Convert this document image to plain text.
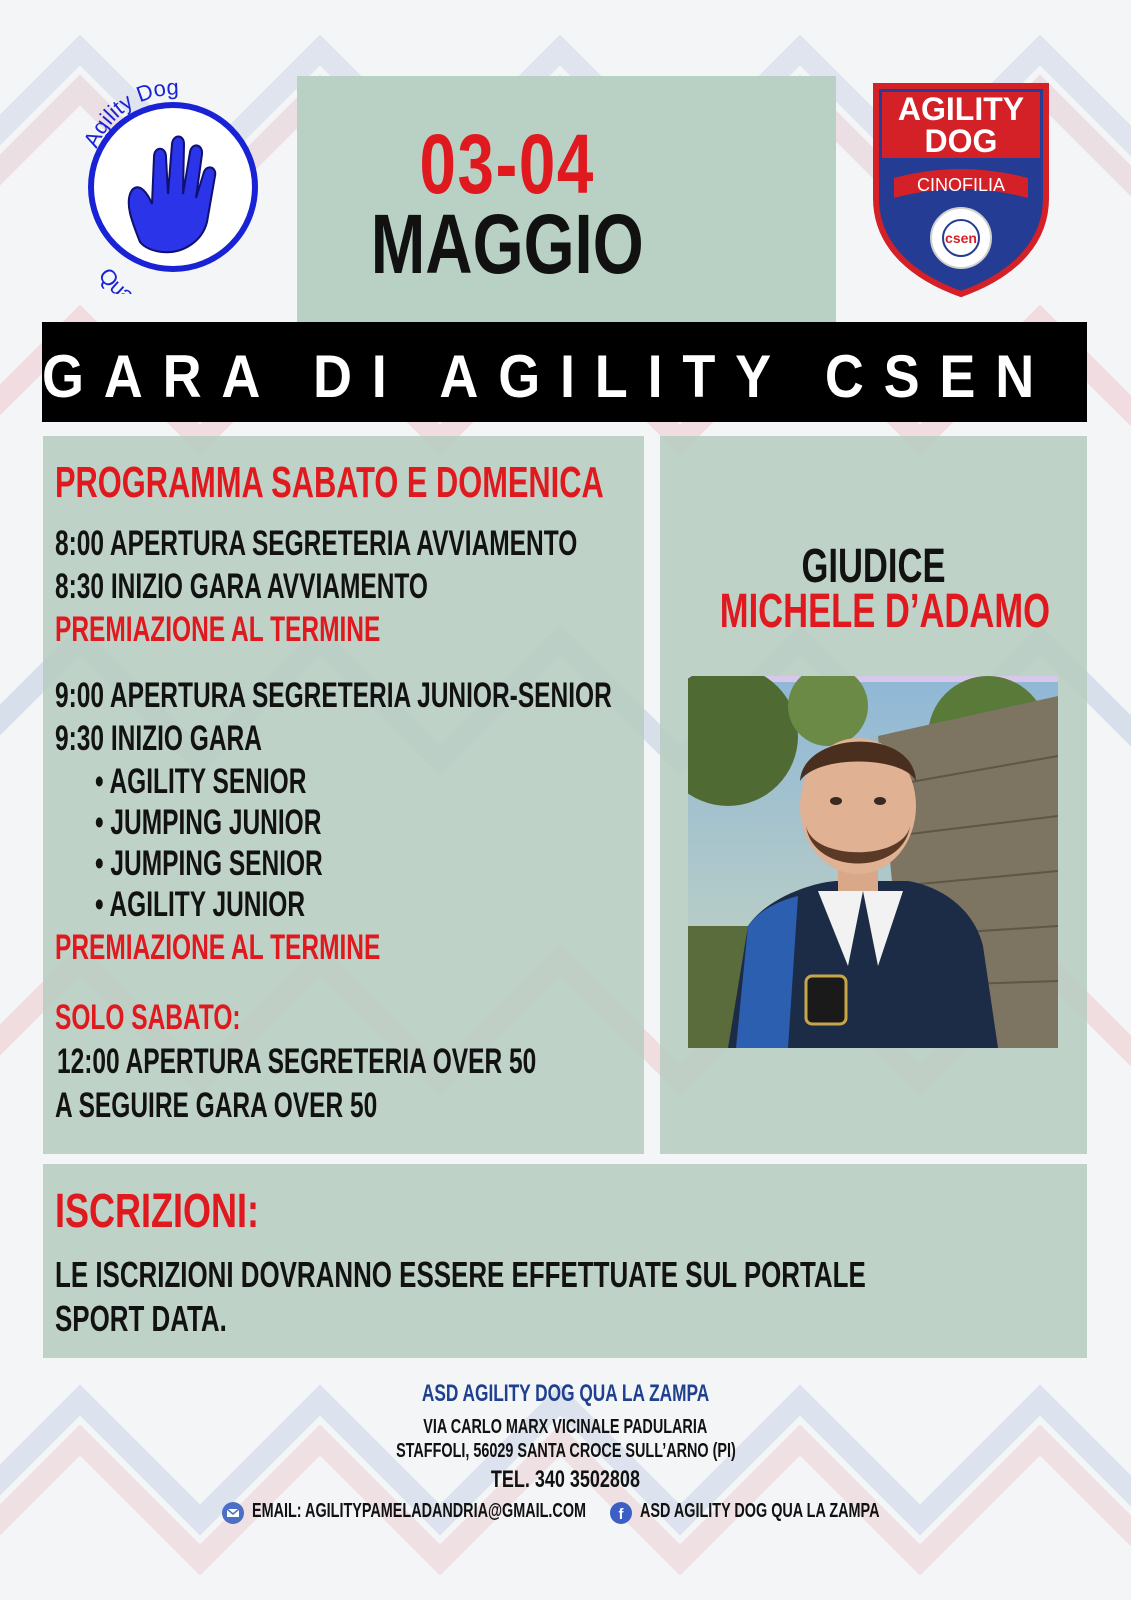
Agility Dog
Qu
03-04
MAGGIO
AGILITY
DOG
CINOFILIA
csen
GARA DI AGILITY CSEN
PROGRAMMA SABATO E DOMENICA
8:00 APERTURA SEGRETERIA AVVIAMENTO
8:30 INIZIO GARA AVVIAMENTO
PREMIAZIONE AL TERMINE
9:00 APERTURA SEGRETERIA JUNIOR-SENIOR
9:30 INIZIO GARA
• AGILITY SENIOR
• JUMPING JUNIOR
• JUMPING SENIOR
• AGILITY JUNIOR
PREMIAZIONE AL TERMINE
SOLO SABATO:
12:00 APERTURA SEGRETERIA OVER 50
A SEGUIRE GARA OVER 50
GIUDICE
MICHELE D’ADAMO
ISCRIZIONI:
LE ISCRIZIONI DOVRANNO ESSERE EFFETTUATE SUL PORTALE
SPORT DATA.
ASD AGILITY DOG QUA LA ZAMPA
VIA CARLO MARX VICINALE PADULARIA
STAFFOLI, 56029 SANTA CROCE SULL’ARNO (PI)
TEL. 340 3502808
EMAIL: AGILITYPAMELADANDRIA@GMAIL.COM f ASD AGILITY DOG QUA LA ZAMPA
